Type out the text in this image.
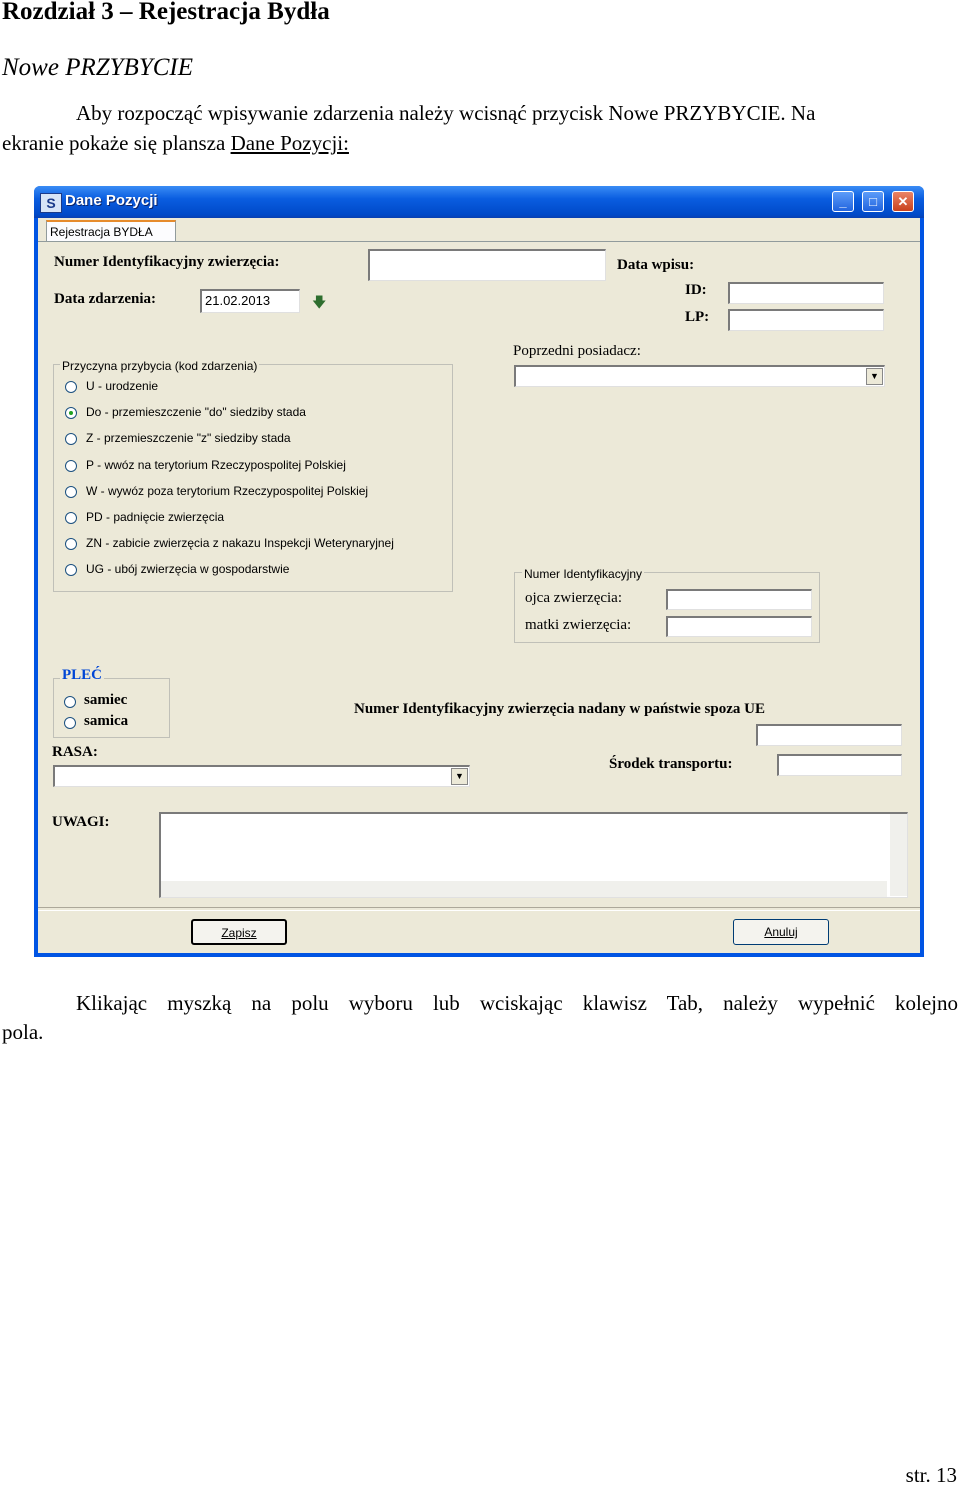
Rozdział 3 – Rejestracja Bydła
Nowe PRZYBYCIE
Aby rozpocząć wpisywanie zdarzenia należy wcisnąć przycisk Nowe PRZYBYCIE. Na
ekranie pokaże się plansza Dane Pozycji:
S Dane Pozycji	_	□	✕
Rejestracja BYDŁA
Numer Identyfikacyjny zwierzęcia:
Data zdarzenia:	21.02.2013	🡇
Data wpisu:
ID:
LP:
Poprzedni posiadacz:
▼
Przyczyna przybycia (kod zdarzenia)
Numer Identyfikacyjny
ojca zwierzęcia:
matki zwierzęcia:
PLEĆ
samiec
samica
Numer Identyfikacyjny zwierzęcia nadany w państwie spoza UE
Środek transportu:
RASA:
▼
UWAGI:
Zapisz	Anuluj
U - urodzenie
Do - przemieszczenie "do" siedziby stada
Z - przemieszczenie "z" siedziby stada
P - wwóz na terytorium Rzeczypospolitej Polskiej
W - wywóz poza terytorium Rzeczypospolitej Polskiej
PD - padnięcie zwierzęcia
ZN - zabicie zwierzęcia z nakazu Inspekcji Weterynaryjnej
UG - ubój zwierzęcia w gospodarstwie
Klikając myszką na polu wyboru lub wciskając klawisz Tab, należy wypełnić kolejno
pola.
str. 13
